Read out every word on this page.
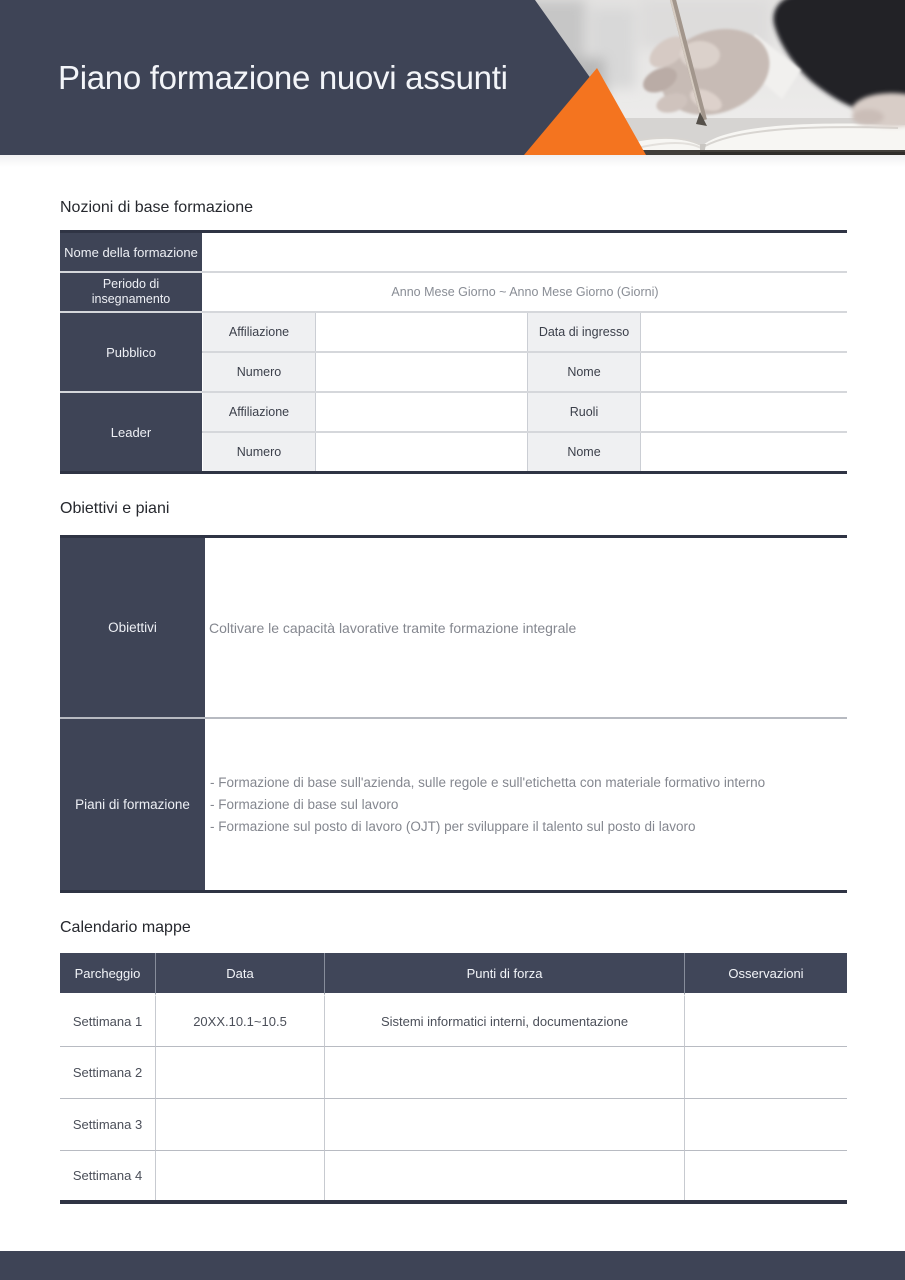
Piano formazione nuovi assunti
Nozioni di base formazione
Nome della formazione
Periodo di insegnamento	Anno Mese Giorno ~ Anno Mese Giorno (Giorni)
Pubblico
Affiliazione	Data di ingresso
Numero	Nome
Leader
Affiliazione	Ruoli
Numero	Nome
Obiettivi e piani
Obiettivi	Coltivare le capacità lavorative tramite formazione integrale
Piani di formazione
- Formazione di base sull'azienda, sulle regole e sull'etichetta con materiale formativo interno
- Formazione di base sul lavoro
- Formazione sul posto di lavoro (OJT) per sviluppare il talento sul posto di lavoro
Calendario mappe
Parcheggio	Data	Punti di forza	Osservazioni
Settimana 1	20XX.10.1~10.5	Sistemi informatici interni, documentazione
Settimana 2
Settimana 3
Settimana 4
